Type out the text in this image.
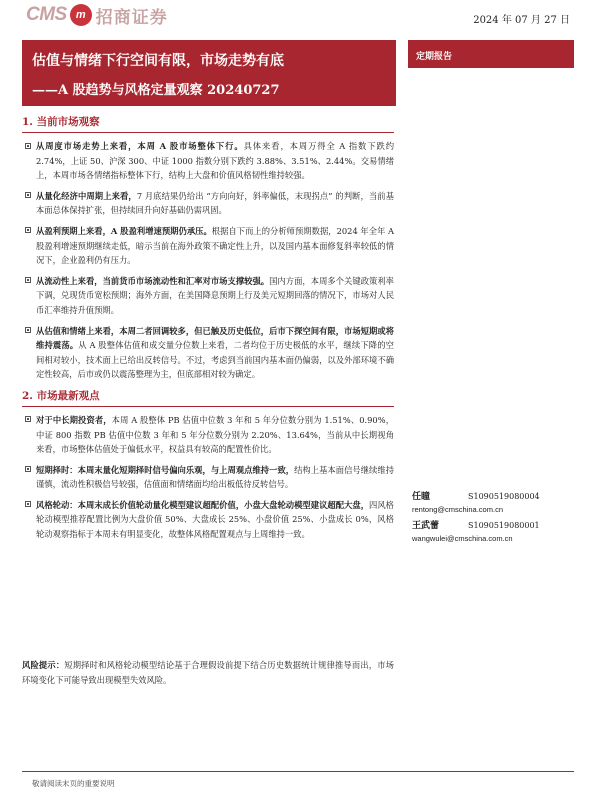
CMS m 招商证券	2024 年 07 月 27 日
估值与情绪下行空间有限，市场走势有底
——A 股趋势与风格定量观察 20240727
定期报告
1. 当前市场观察
从周度市场走势上来看，本周 A 股市场整体下行。具体来看，本周万得全 A 指数下跌约 2.74%，上证 50、沪深 300、中证 1000 指数分别下跌约 3.88%、3.51%、2.44%。交易情绪上，本周市场各情绪指标整体下行，结构上大盘和价值风格韧性维持较强。
从量化经济中周期上来看，7 月底结果仍给出 “方向向好，斜率偏低，末现拐点” 的判断，当前基本面总体保持扩张，但持续回升向好基础仍需巩固。
从盈利预期上来看，A 股盈利增速预期仍承压。根据自下而上的分析师预期数据，2024 年全年 A 股盈利增速预期继续走低，暗示当前在海外政策不确定性上升，以及国内基本面修复斜率较低的情况下，企业盈利仍有压力。
从流动性上来看，当前货币市场流动性和汇率对市场支撑较强。国内方面，本周多个关键政策利率下调，兑现货币宽松预期；海外方面，在美国降息预期上行及美元短期回落的情况下，市场对人民币汇率维持升值预期。
从估值和情绪上来看，本周二者回调较多，但已触及历史低位，后市下探空间有限，市场短期或将维持震荡。从 A 股整体估值和成交量分位数上来看，二者均位于历史极低的水平，继续下降的空间相对较小，技术面上已给出反转信号。不过，考虑到当前国内基本面仍偏弱，以及外部环境不确定性较高，后市或仍以震荡整理为主，但底部相对较为确定。
2. 市场最新观点
对于中长期投资者，本周 A 股整体 PB 估值中位数 3 年和 5 年分位数分别为 1.51%、0.90%，中证 800 指数 PB 估值中位数 3 年和 5 年分位数分别为 2.20%、13.64%，当前从中长期视角来看，市场整体估值处于偏低水平，权益具有较高的配置性价比。
短期择时：本周末量化短期择时信号偏向乐观，与上周观点维持一致，结构上基本面信号继续维持谨慎，流动性积极信号较强，估值面和情绪面均给出板低待反转信号。
风格轮动：本周末成长价值轮动量化模型建议超配价值，小盘大盘轮动模型建议超配大盘，四风格轮动模型推荐配置比例为大盘价值 50%、大盘成长 25%、小盘价值 25%、小盘成长 0%，风格轮动观察指标于本周未有明显变化，故整体风格配置观点与上周维持一致。
风险提示：短期择时和风格轮动模型结论基于合理假设前提下结合历史数据统计规律推导而出，市场环境变化下可能导致出现模型失效风险。
任瞳	S1090519080004
rentong@cmschina.com.cn
王武蕾	S1090519080001
wangwulei@cmschina.com.cn
敬请阅读末页的重要说明
